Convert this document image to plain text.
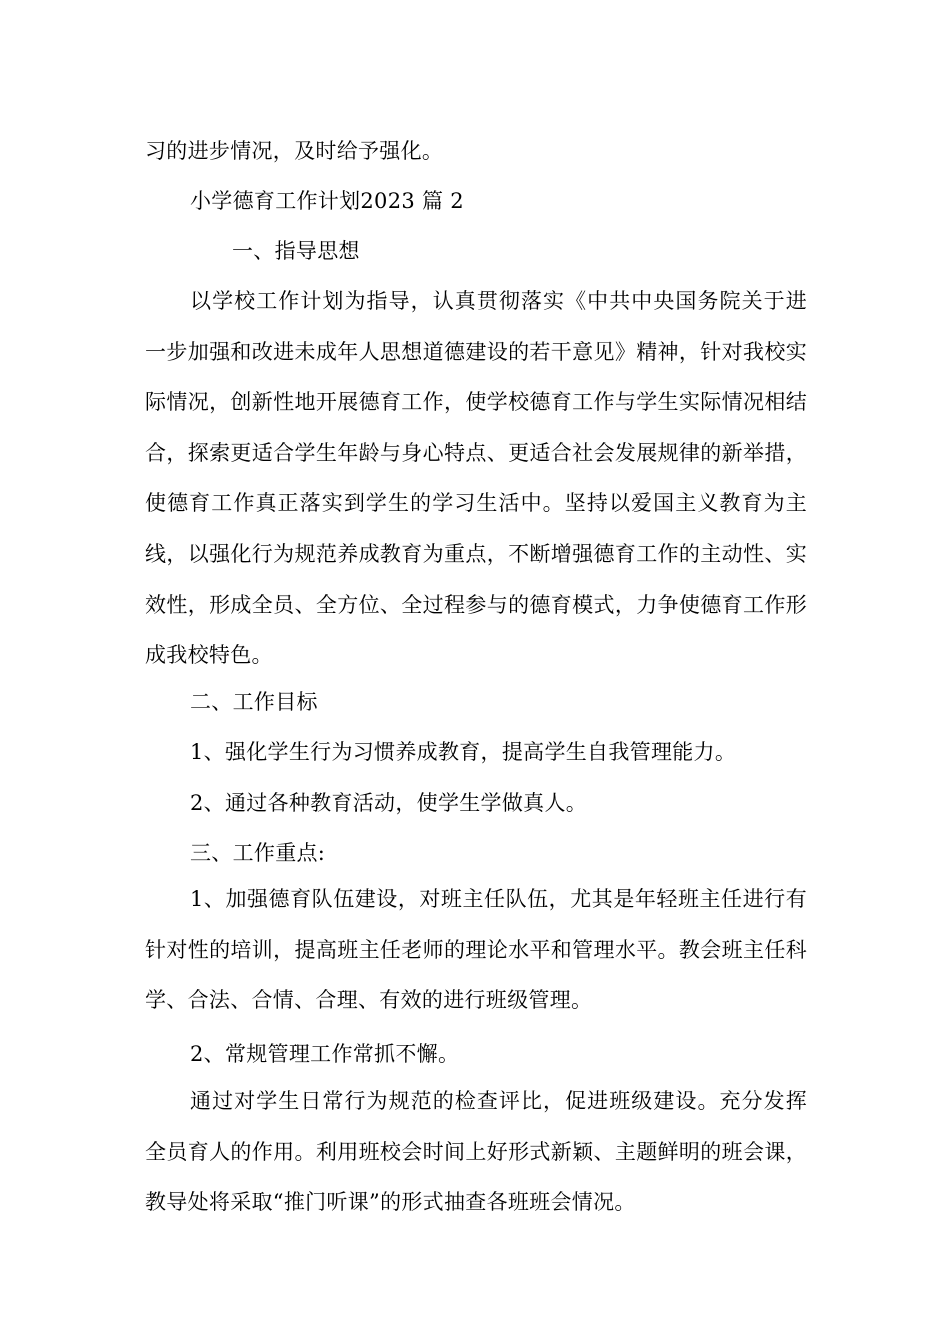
习的进步情况，及时给予强化。
小学德育工作计划2023 篇 2
一、指导思想
以学校工作计划为指导，认真贯彻落实《中共中央国务院关于进一步加强和改进未成年人思想道德建设的若干意见》精神，针对我校实际情况，创新性地开展德育工作，使学校德育工作与学生实际情况相结合，探索更适合学生年龄与身心特点、更适合社会发展规律的新举措，使德育工作真正落实到学生的学习生活中。坚持以爱国主义教育为主线，以强化行为规范养成教育为重点，不断增强德育工作的主动性、实效性，形成全员、全方位、全过程参与的德育模式，力争使德育工作形成我校特色。
二、工作目标
1、强化学生行为习惯养成教育，提高学生自我管理能力。
2、通过各种教育活动，使学生学做真人。
三、工作重点:
1、加强德育队伍建设，对班主任队伍，尤其是年轻班主任进行有针对性的培训，提高班主任老师的理论水平和管理水平。教会班主任科学、合法、合情、合理、有效的进行班级管理。
2、常规管理工作常抓不懈。
通过对学生日常行为规范的检查评比，促进班级建设。充分发挥全员育人的作用。利用班校会时间上好形式新颖、主题鲜明的班会课，教导处将采取“推门听课”的形式抽查各班班会情况。
